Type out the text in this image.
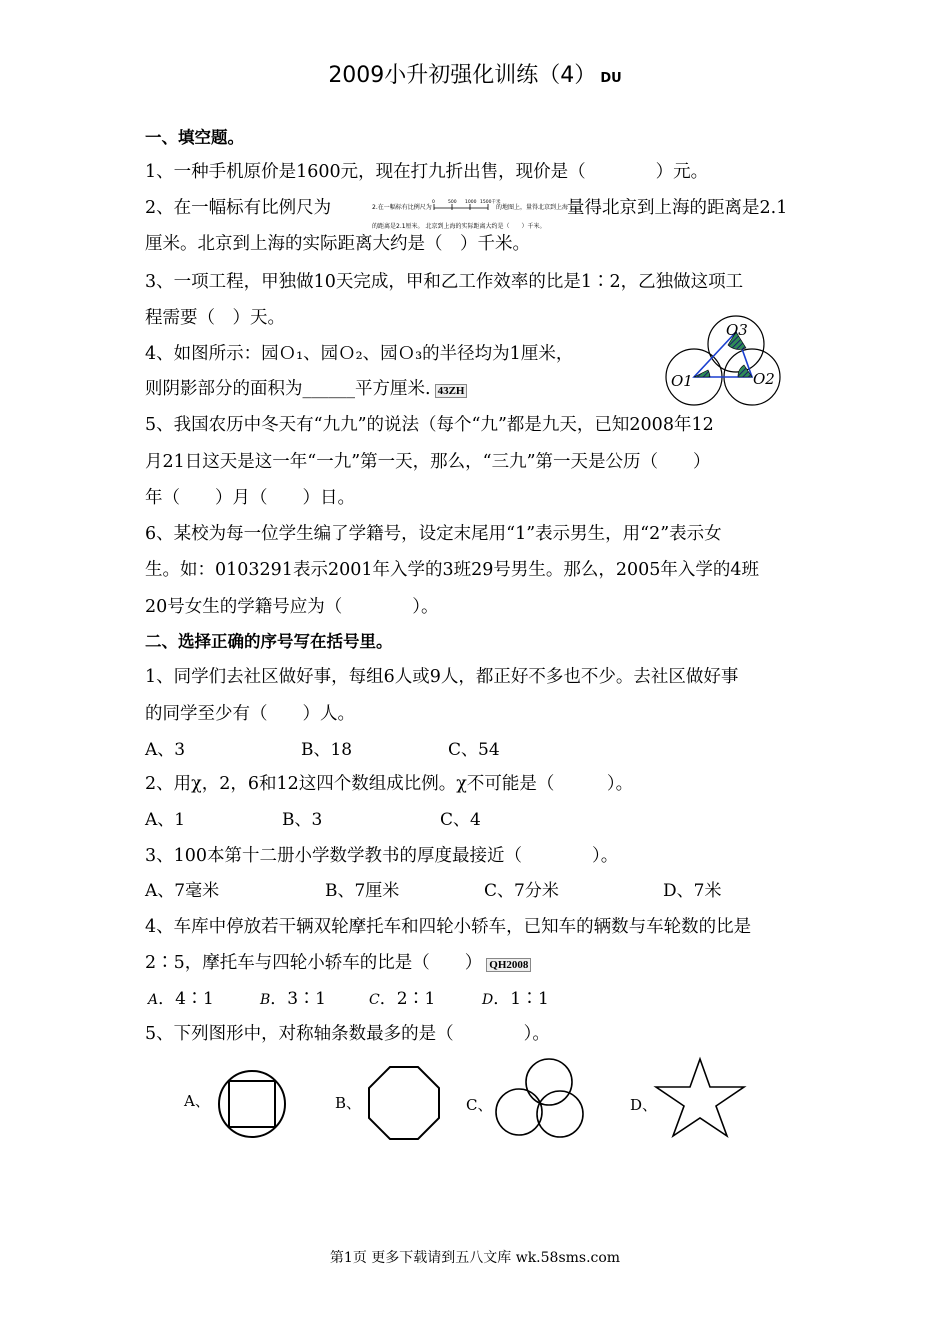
2009小升初强化训练（4） DU
一、填空题。
1、一种手机原价是1600元，现在打九折出售，现价是（　　　　）元。
2、在一幅标有比例尺为	量得北京到上海的距离是2.1
2.在一幅标有比例尺为
0	500 1000 1500千米
的地图上，量得北京到上海
的距离是2.1厘米。 北京到上海的实际距离大约是（　　）千米。
厘米。北京到上海的实际距离大约是（　）千米。
3、一项工程，甲独做10天完成，甲和乙工作效率的比是1∶2，乙独做这项工
程需要（　）天。
4、如图所示：园Ｏ₁、园Ｏ₂、园Ｏ₃的半径均为1厘米，
则阴影部分的面积为______平方厘米. 43ZH
O3
O1	O2
5、我国农历中冬天有“九九”的说法（每个“九”都是九天，已知2008年12
月21日这天是这一年“一九”第一天，那么，“三九”第一天是公历（　　）
年（　　）月（　　）日。
6、某校为每一位学生编了学籍号，设定末尾用“1”表示男生，用“2”表示女
生。如：0103291表示2001年入学的3班29号男生。那么，2005年入学的4班
20号女生的学籍号应为（　　　　）。
二、选择正确的序号写在括号里。
1、同学们去社区做好事，每组6人或9人，都正好不多也不少。去社区做好事
的同学至少有（　　）人。
A、3	B、18	C、54
2、用χ，2，6和12这四个数组成比例。χ不可能是（　　　）。
A、1	B、3	C、4
3、100本第十二册小学数学教书的厚度最接近（　　　　）。
A、7毫米	B、7厘米	C、7分米	D、7米
4、车库中停放若干辆双轮摩托车和四轮小轿车，已知车的辆数与车轮数的比是
2∶5，摩托车与四轮小轿车的比是（　　） QH2008
A．4∶1	B．3∶1	C．2∶1	D．1∶1
5、下列图形中，对称轴条数最多的是（　　　　）。
A、	B、	C、	D、
第1页 更多下载请到五八文库 wk.58sms.com
